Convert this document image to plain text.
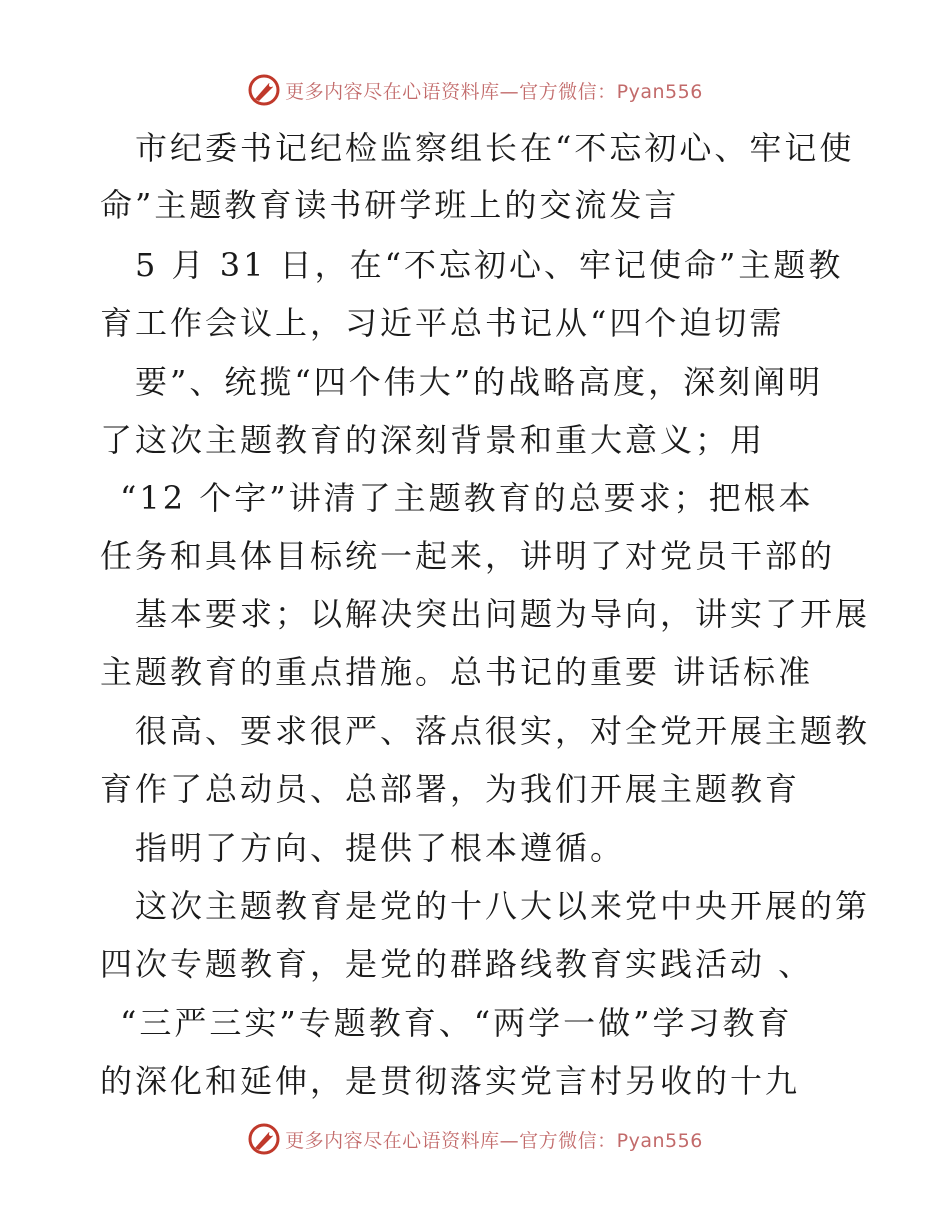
更多内容尽在心语资料库—官方微信：Pyan556
市纪委书记纪检监察组长在“不忘初心、牢记使
命”主题教育读书研学班上的交流发言
5 月 31 日，在“不忘初心、牢记使命”主题教
育工作会议上，习近平总书记从“四个迫切需
要”、统揽“四个伟大”的战略高度，深刻阐明
了这次主题教育的深刻背景和重大意义；用
“12 个字”讲清了主题教育的总要求；把根本
任务和具体目标统一起来，讲明了对党员干部的
基本要求；以解决突出问题为导向，讲实了开展
主题教育的重点措施。总书记的重要 讲话标准
很高、要求很严、落点很实，对全党开展主题教
育作了总动员、总部署，为我们开展主题教育
指明了方向、提供了根本遵循。
这次主题教育是党的十八大以来党中央开展的第
四次专题教育，是党的群路线教育实践活动 、
“三严三实”专题教育、“两学一做”学习教育
的深化和延伸，是贯彻落实党言村另收的十九
更多内容尽在心语资料库—官方微信：Pyan556
